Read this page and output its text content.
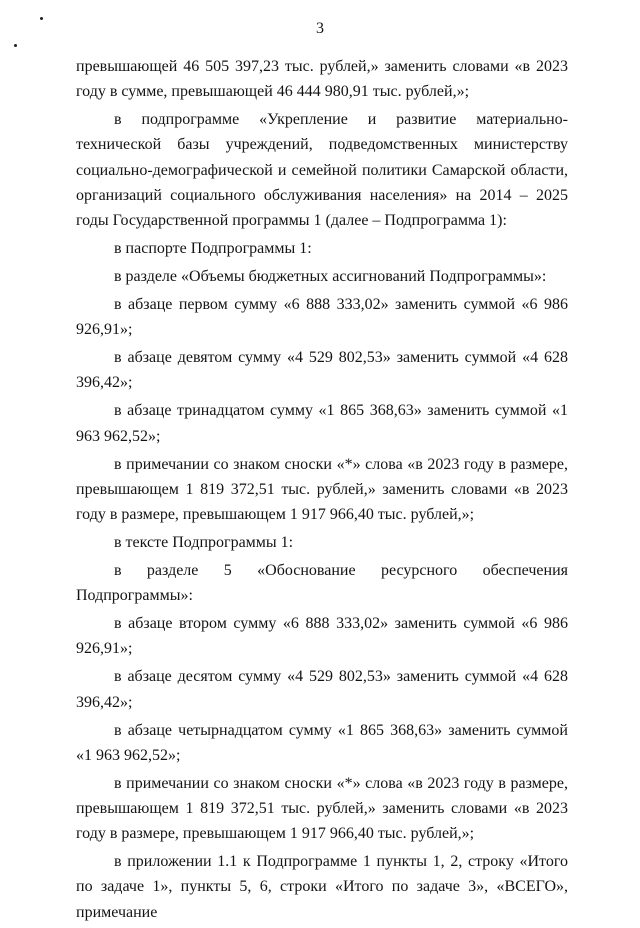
3

превышающей 46 505 397,23 тыс. рублей,» заменить словами «в 2023 году в сумме, превышающей 46 444 980,91 тыс. рублей,»;

в подпрограмме «Укрепление и развитие материально-технической базы учреждений, подведомственных министерству социально-демографической и семейной политики Самарской области, организаций социального обслуживания населения» на 2014 – 2025 годы Государственной программы 1 (далее – Подпрограмма 1):

в паспорте Подпрограммы 1:

в разделе «Объемы бюджетных ассигнований Подпрограммы»:

в абзаце первом сумму «6 888 333,02» заменить суммой «6 986 926,91»;

в абзаце девятом сумму «4 529 802,53» заменить суммой «4 628 396,42»;

в абзаце тринадцатом сумму «1 865 368,63» заменить суммой «1 963 962,52»;

в примечании со знаком сноски «*» слова «в 2023 году в размере, превышающем 1 819 372,51 тыс. рублей,» заменить словами «в 2023 году в размере, превышающем 1 917 966,40 тыс. рублей,»;

в тексте Подпрограммы 1:

в разделе 5 «Обоснование ресурсного обеспечения Подпрограммы»:

в абзаце втором сумму «6 888 333,02» заменить суммой «6 986 926,91»;

в абзаце десятом сумму «4 529 802,53» заменить суммой «4 628 396,42»;

в абзаце четырнадцатом сумму «1 865 368,63» заменить суммой «1 963 962,52»;

в примечании со знаком сноски «*» слова «в 2023 году в размере, превышающем 1 819 372,51 тыс. рублей,» заменить словами «в 2023 году в размере, превышающем 1 917 966,40 тыс. рублей,»;

в приложении 1.1 к Подпрограмме 1 пункты 1, 2, строку «Итого по задаче 1», пункты 5, 6, строки «Итого по задаче 3», «ВСЕГО», примечание
